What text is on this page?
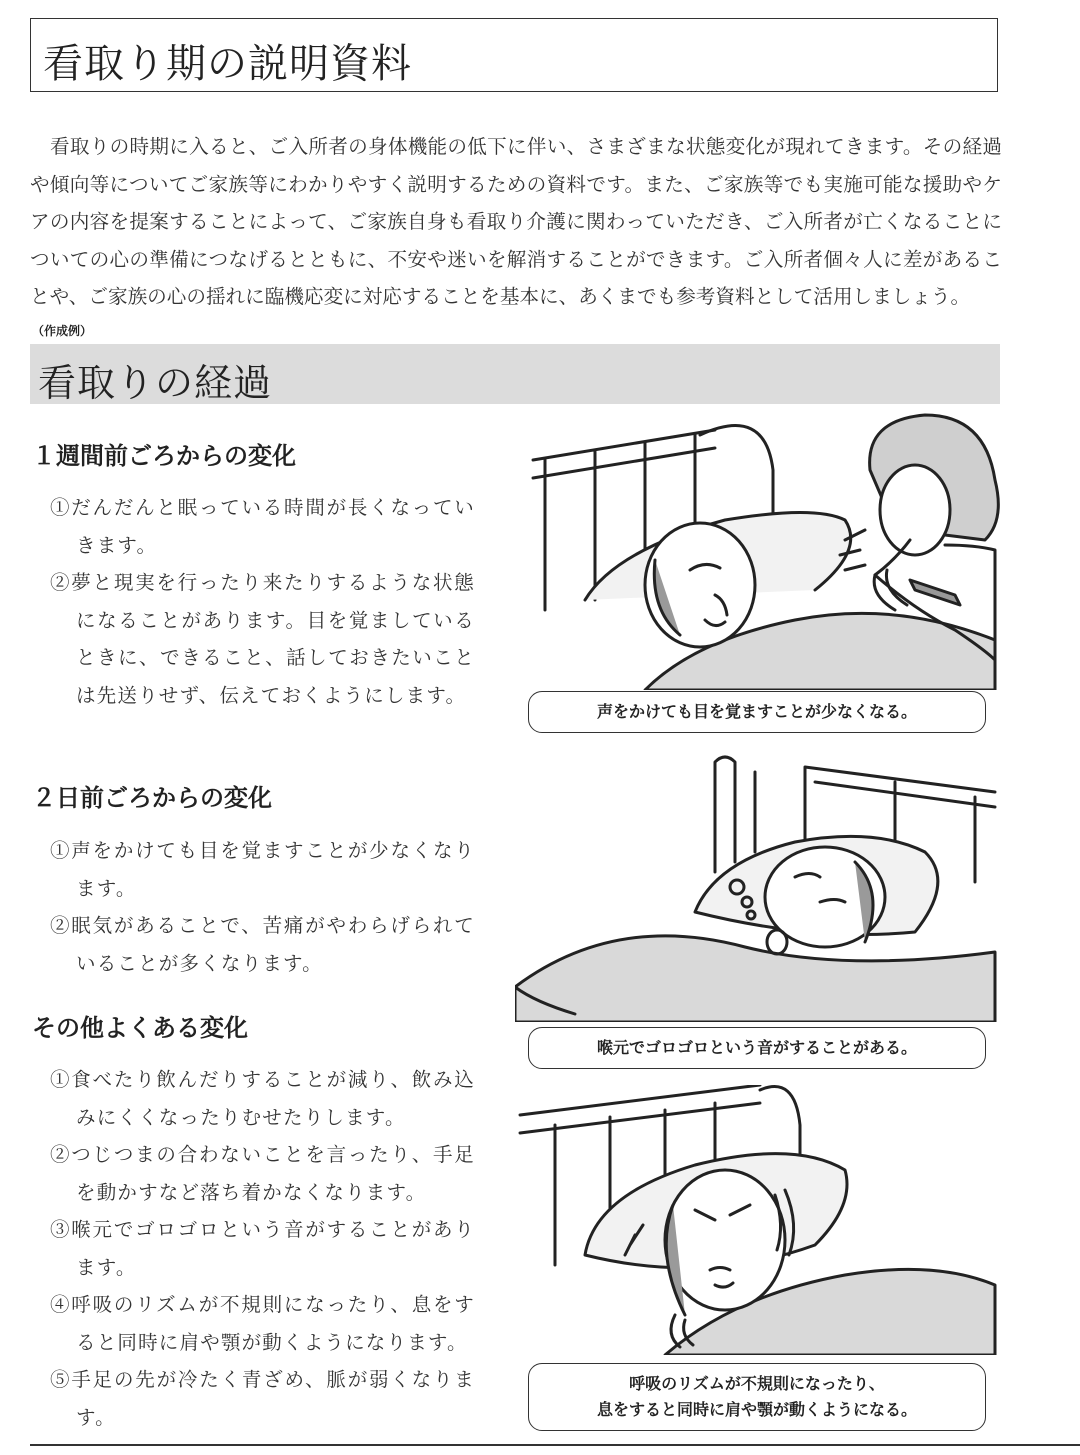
看取り期の説明資料

看取りの時期に入ると、ご入所者の身体機能の低下に伴い、さまざまな状態変化が現れてきます。その経過や傾向等についてご家族等にわかりやすく説明するための資料です。また、ご家族等でも実施可能な援助やケアの内容を提案することによって、ご家族自身も看取り介護に関わっていただき、ご入所者が亡くなることについての心の準備につなげるとともに、不安や迷いを解消することができます。ご入所者個々人に差があることや、ご家族の心の揺れに臨機応変に対応することを基本に、あくまでも参考資料として活用しましょう。

（作成例）
看取りの経過
１週間前ごろからの変化
①だんだんと眠っている時間が長くなっていきます。
②夢と現実を行ったり来たりするような状態になることがあります。目を覚ましているときに、できること、話しておきたいことは先送りせず、伝えておくようにします。
２日前ごろからの変化
①声をかけても目を覚ますことが少なくなります。
②眠気があることで、苦痛がやわらげられていることが多くなります。
その他よくある変化
①食べたり飲んだりすることが減り、飲み込みにくくなったりむせたりします。
②つじつまの合わないことを言ったり、手足を動かすなど落ち着かなくなります。
③喉元でゴロゴロという音がすることがあります。
④呼吸のリズムが不規則になったり、息をすると同時に肩や顎が動くようになります。
⑤手足の先が冷たく青ざめ、脈が弱くなります。
声をかけても目を覚ますことが少なくなる。
喉元でゴロゴロという音がすることがある。
呼吸のリズムが不規則になったり、
息をすると同時に肩や顎が動くようになる。
